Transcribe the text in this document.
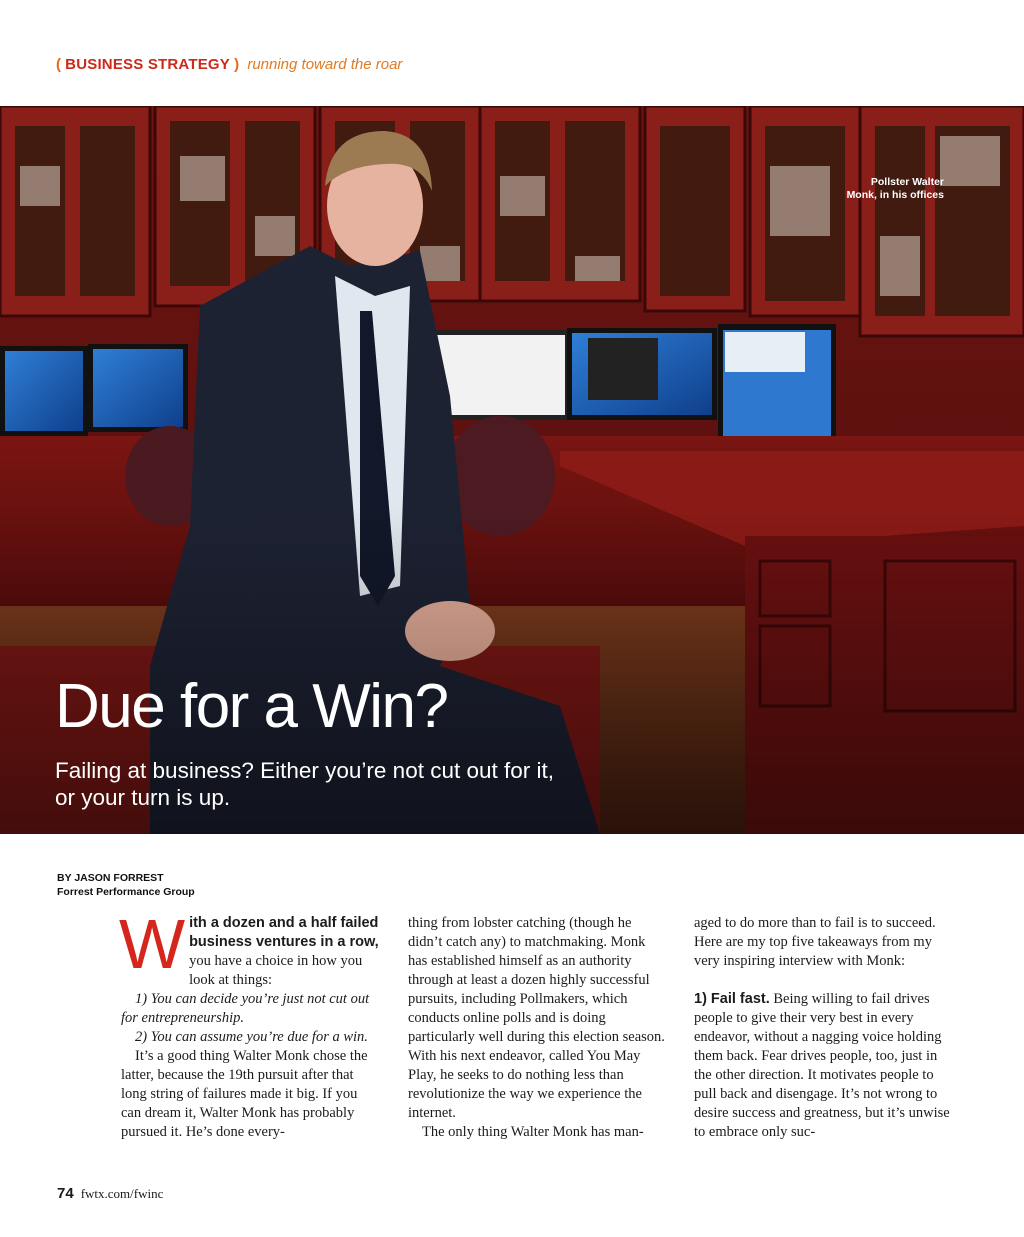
( BUSINESS STRATEGY ) running toward the roar
Pollster Walter
Monk, in his offices
Due for a Win?
Failing at business? Either you’re not cut out for it,
or your turn is up.
BY JASON FORREST
Forrest Performance Group

With a dozen and a half failed business ventures in a row, you have a choice in how you look at things:

1) You can decide you’re just not cut out for entrepreneurship.

2) You can assume you’re due for a win.

It’s a good thing Walter Monk chose the latter, because the 19th pursuit after that long string of failures made it big. If you can dream it, Walter Monk has probably pursued it. He’s done every-

thing from lobster catching (though he didn’t catch any) to matchmaking. Monk has established himself as an authority through at least a dozen highly successful pursuits, including Pollmakers, which conducts online polls and is doing particularly well during this election season. With his next endeavor, called You May Play, he seeks to do nothing less than revolutionize the way we experience the internet.

The only thing Walter Monk has man-

aged to do more than to fail is to succeed. Here are my top five takeaways from my very inspiring interview with Monk:

1) Fail fast. Being willing to fail drives people to give their very best in every endeavor, without a nagging voice holding them back. Fear drives people, too, just in the other direction. It motivates people to pull back and disengage. It’s not wrong to desire success and greatness, but it’s unwise to embrace only suc-

74 fwtx.com/fwinc
